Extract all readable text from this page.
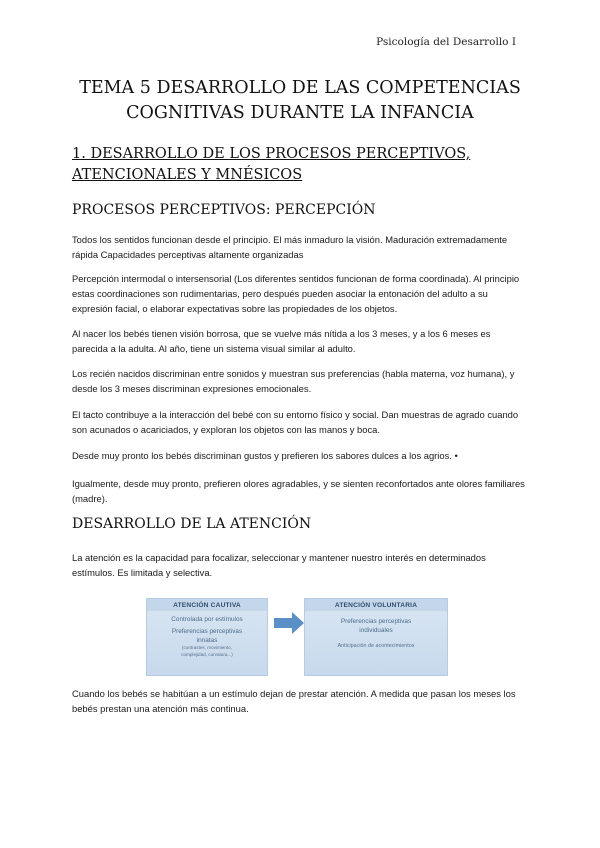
Psicología del Desarrollo I
TEMA 5 DESARROLLO DE LAS COMPETENCIAS
COGNITIVAS DURANTE LA INFANCIA
1. DESARROLLO DE LOS PROCESOS PERCEPTIVOS,
ATENCIONALES Y MNÉSICOS
PROCESOS PERCEPTIVOS: PERCEPCIÓN
Todos los sentidos funcionan desde el principio. El más inmaduro la visión. Maduración extremadamente rápida Capacidades perceptivas altamente organizadas
Percepción intermodal o intersensorial (Los diferentes sentidos funcionan de forma coordinada). Al principio estas coordinaciones son rudimentarias, pero después pueden asociar la entonación del adulto a su expresión facial, o elaborar expectativas sobre las propiedades de los objetos.
Al nacer los bebés tienen visión borrosa, que se vuelve más nítida a los 3 meses, y a los 6 meses es parecida a la adulta. Al año, tiene un sistema visual similar al adulto.
Los recién nacidos discriminan entre sonidos y muestran sus preferencias (habla materna, voz humana), y desde los 3 meses discriminan expresiones emocionales.
El tacto contribuye a la interacción del bebé con su entorno físico y social. Dan muestras de agrado cuando son acunados o acariciados, y exploran los objetos con las manos y boca.
Desde muy pronto los bebés discriminan gustos y prefieren los sabores dulces a los agrios. •
Igualmente, desde muy pronto, prefieren olores agradables, y se sienten reconfortados ante olores familiares (madre).
DESARROLLO DE LA ATENCIÓN
La atención es la capacidad para focalizar, seleccionar y mantener nuestro interés en determinados estímulos. Es limitada y selectiva.
ATENCIÓN CAUTIVA
Controlada por estímulos
Preferencias perceptivas
innatas
(contrastes, movimiento,
complejidad, curvatura...)
ATENCIÓN VOLUNTARIA
Preferencias perceptivas
individuales
Anticipación de acontecimientos
Cuando los bebés se habitúan a un estímulo dejan de prestar atención. A medida que pasan los meses los bebés prestan una atención más continua.
